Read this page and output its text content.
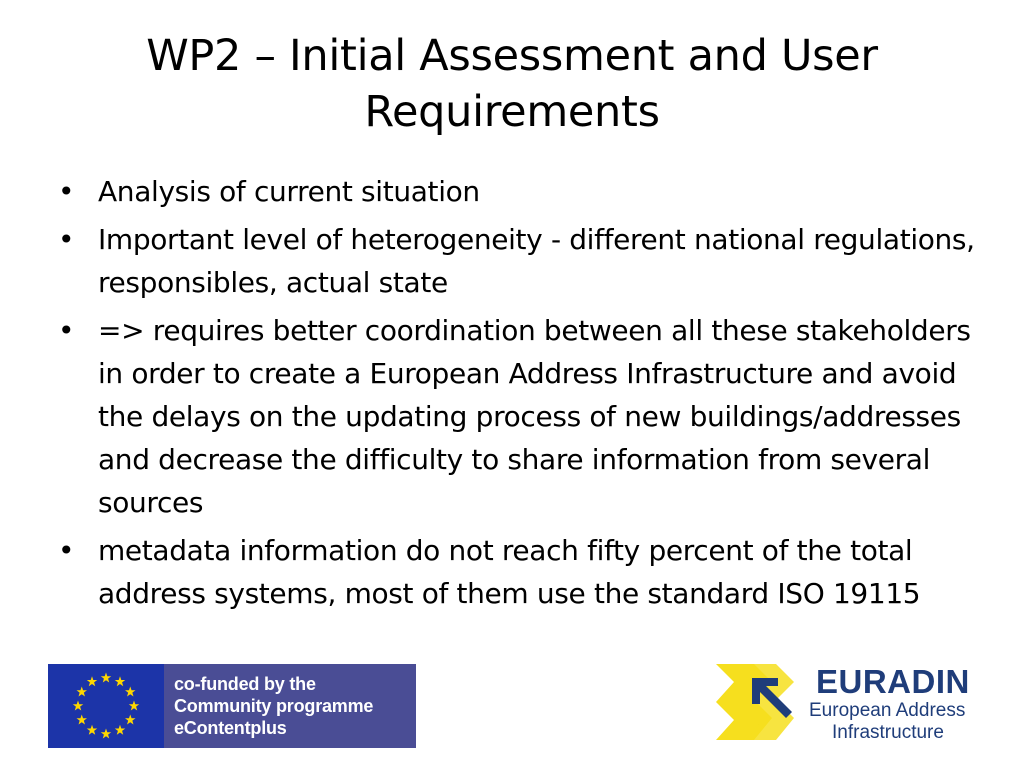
WP2 – Initial Assessment and User Requirements
• Analysis of current situation
• Important level of heterogeneity - different national regulations, responsibles, actual state
• => requires better coordination between all these stakeholders in order to create a European Address Infrastructure and avoid the delays on the updating process of new buildings/addresses and decrease the difficulty to share information from several sources
• metadata information do not reach fifty percent of the total address systems, most of them use the standard ISO 19115
co-funded by the
Community programme
eContentplus
EURADIN
European Address
Infrastructure
